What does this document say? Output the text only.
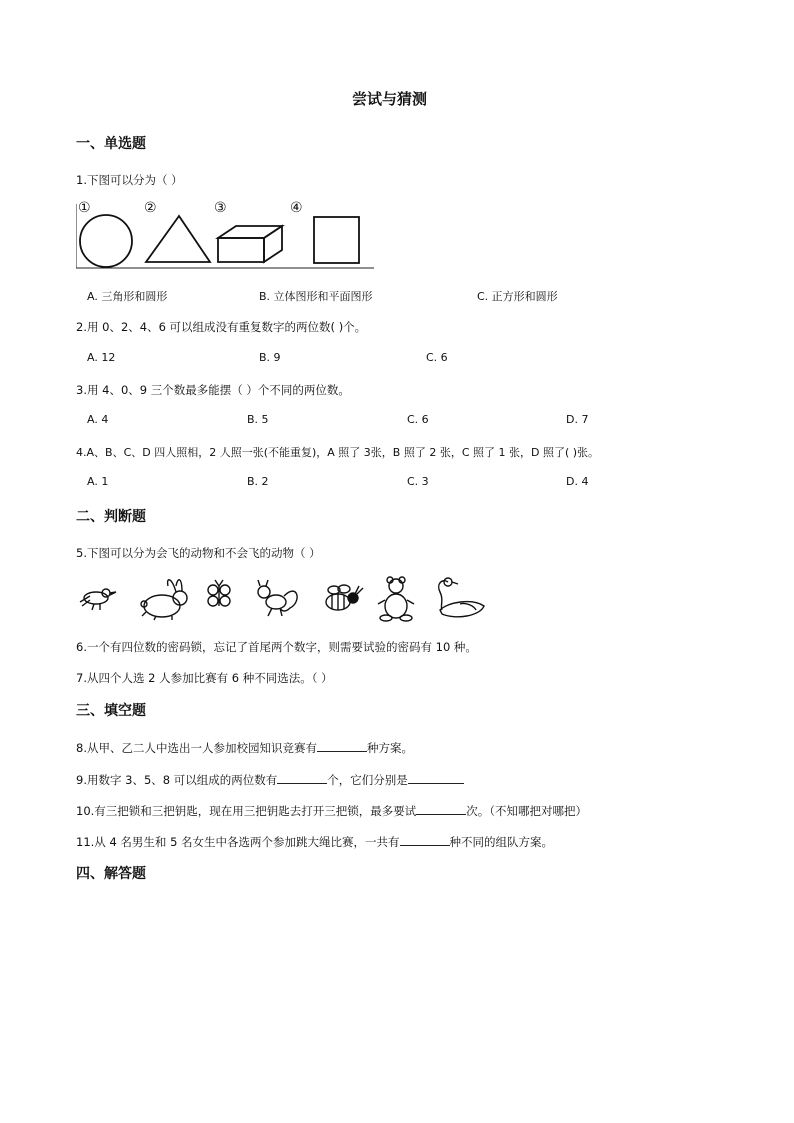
尝试与猜测
一、单选题
1.下图可以分为（ ）
①	②	③	④
A. 三角形和圆形	B. 立体图形和平面图形	C. 正方形和圆形
2.用 0、2、4、6 可以组成没有重复数字的两位数( )个。
A. 12	B. 9	C. 6
3.用 4、0、9 三个数最多能摆（ ）个不同的两位数。
A. 4	B. 5	C. 6	D. 7
4.A、B、C、D 四人照相，2 人照一张(不能重复)，A 照了 3张，B 照了 2 张，C 照了 1 张，D 照了( )张。
A. 1	B. 2	C. 3	D. 4
二、判断题
5.下图可以分为会飞的动物和不会飞的动物（ ）
6.一个有四位数的密码锁，忘记了首尾两个数字，则需要试验的密码有 10 种。
7.从四个人选 2 人参加比赛有 6 种不同选法。（ ）
三、填空题
8.从甲、乙二人中选出一人参加校园知识竞赛有	种方案。
9.用数字 3、5、8 可以组成的两位数有	个，它们分别是
10.有三把锁和三把钥匙，现在用三把钥匙去打开三把锁，最多要试	次。（不知哪把对哪把）
11.从 4 名男生和 5 名女生中各选两个参加跳大绳比赛，一共有	种不同的组队方案。
四、解答题
